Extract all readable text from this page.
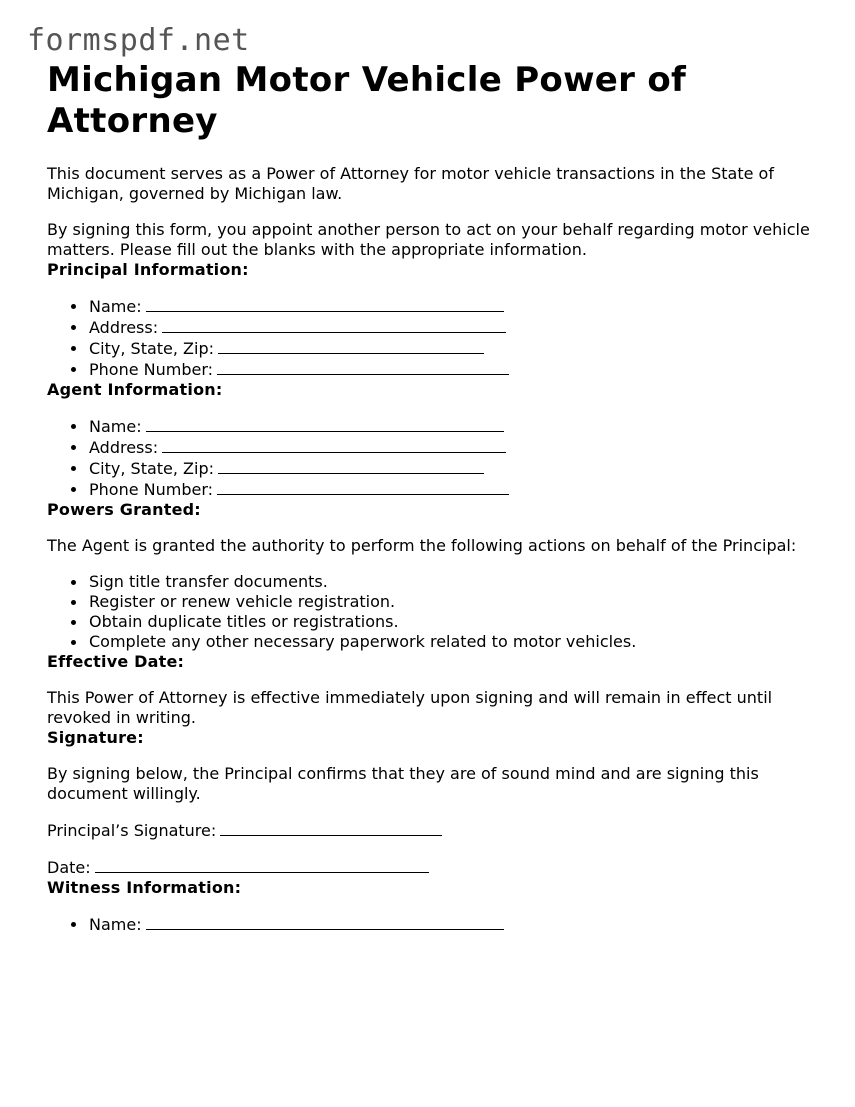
formspdf.net
Michigan Motor Vehicle Power of Attorney

This document serves as a Power of Attorney for motor vehicle transactions in the State of Michigan, governed by Michigan law.

By signing this form, you appoint another person to act on your behalf regarding motor vehicle matters. Please fill out the blanks with the appropriate information.

Principal Information:
Name:
Address:
City, State, Zip:
Phone Number:
Agent Information:
Name:
Address:
City, State, Zip:
Phone Number:
Powers Granted:

The Agent is granted the authority to perform the following actions on behalf of the Principal:

Sign title transfer documents.
Register or renew vehicle registration.
Obtain duplicate titles or registrations.
Complete any other necessary paperwork related to motor vehicles.
Effective Date:

This Power of Attorney is effective immediately upon signing and will remain in effect until revoked in writing.

Signature:

By signing below, the Principal confirms that they are of sound mind and are signing this document willingly.

Principal’s Signature:

Date:

Witness Information:
Name:
